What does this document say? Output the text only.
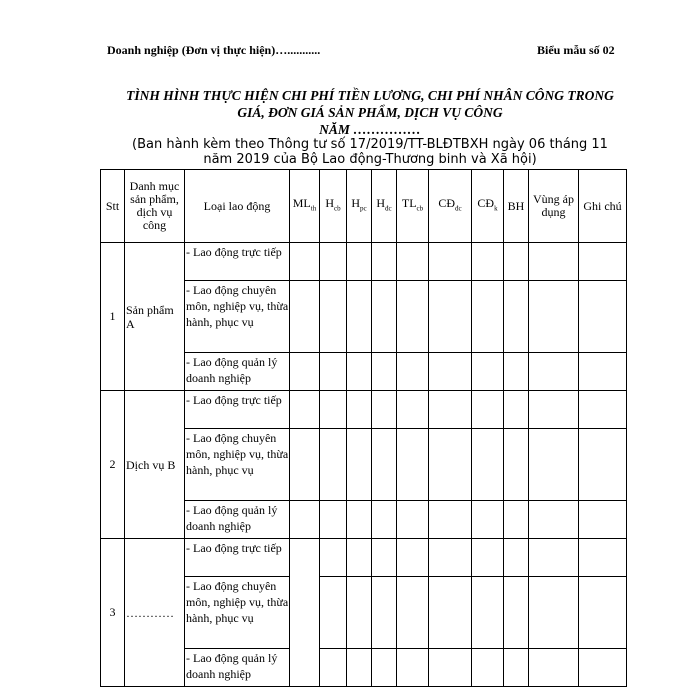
Doanh nghiệp (Đơn vị thực hiện)…...........	Biểu mẫu số 02
TÌNH HÌNH THỰC HIỆN CHI PHÍ TIỀN LƯƠNG, CHI PHÍ NHÂN CÔNG TRONG
GIÁ, ĐƠN GIÁ SẢN PHẨM, DỊCH VỤ CÔNG
NĂM ……………
(Ban hành kèm theo Thông tư số 17/2019/TT-BLĐTBXH ngày 06 tháng 11
năm 2019 của Bộ Lao động-Thương binh và Xã hội)
Stt	Danh mục sản phẩm, dịch vụ công	Loại lao động	$ML_{th}$	$H_{cb}$	$H_{pc}$	$H_{đc}$	$TL_{cb}$	$CĐ_{đc}$	$CĐ_k$	BH	Vùng áp dụng	Ghi chú
1	Sản phẩm A	- Lao động trực tiếp										
		- Lao động chuyên môn, nghiệp vụ, thừa hành, phục vụ										
		- Lao động quản lý doanh nghiệp										
2	Dịch vụ B	- Lao động trực tiếp										
		- Lao động chuyên môn, nghiệp vụ, thừa hành, phục vụ										
		- Lao động quản lý doanh nghiệp										
3	…………	- Lao động trực tiếp										
		- Lao động chuyên môn, nghiệp vụ, thừa hành, phục vụ										
		- Lao động quản lý doanh nghiệp										
